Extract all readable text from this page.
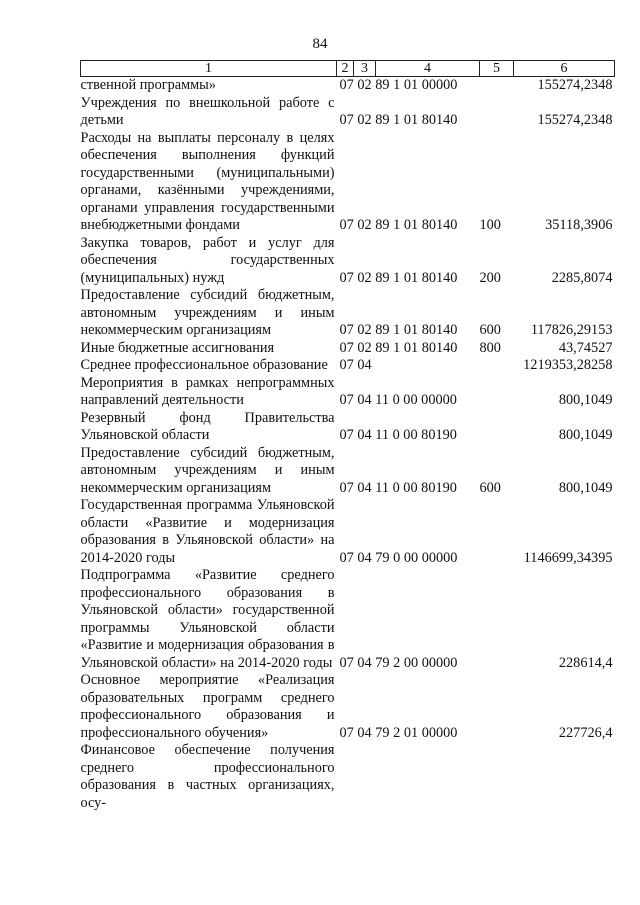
84
1	2	3	4	5	6
ственной программы»	07 02 89 1 01 00000				155274,2348
Учреждения по внешкольной работе с детьми	07 02 89 1 01 80140				155274,2348
Расходы на выплаты персоналу в целях обеспечения выполнения функций государственными (муниципальными) органами, казёнными учреждениями, органами управления государственными внебюджетными фондами	07 02 89 1 01 80140			100	35118,3906
Закупка товаров, работ и услуг для обеспечения государственных (муниципальных) нужд	07 02 89 1 01 80140			200	2285,8074
Предоставление субсидий бюджетным, автономным учреждениям и иным некоммерческим организациям	07 02 89 1 01 80140			600	117826,29153
Иные бюджетные ассигнования	07 02 89 1 01 80140			800	43,74527
Среднее профессиональное образование	07 04				1219353,28258
Мероприятия в рамках непрограммных направлений деятельности	07 04 11 0 00 00000				800,1049
Резервный фонд Правительства Ульяновской области	07 04 11 0 00 80190				800,1049
Предоставление субсидий бюджетным, автономным учреждениям и иным некоммерческим организациям	07 04 11 0 00 80190			600	800,1049
Государственная программа Ульяновской области «Развитие и модернизация образования в Ульяновской области» на 2014-2020 годы	07 04 79 0 00 00000				1146699,34395
Подпрограмма «Развитие среднего профессионального образования в Ульяновской области» государственной программы Ульяновской области «Развитие и модернизация образования в Ульяновской области» на 2014-2020 годы	07 04 79 2 00 00000				228614,4
Основное мероприятие «Реализация образовательных программ среднего профессионального образования и профессионального обучения»	07 04 79 2 01 00000				227726,4
Финансовое обеспечение получения среднего профессионального образования в частных организациях, осу-					
